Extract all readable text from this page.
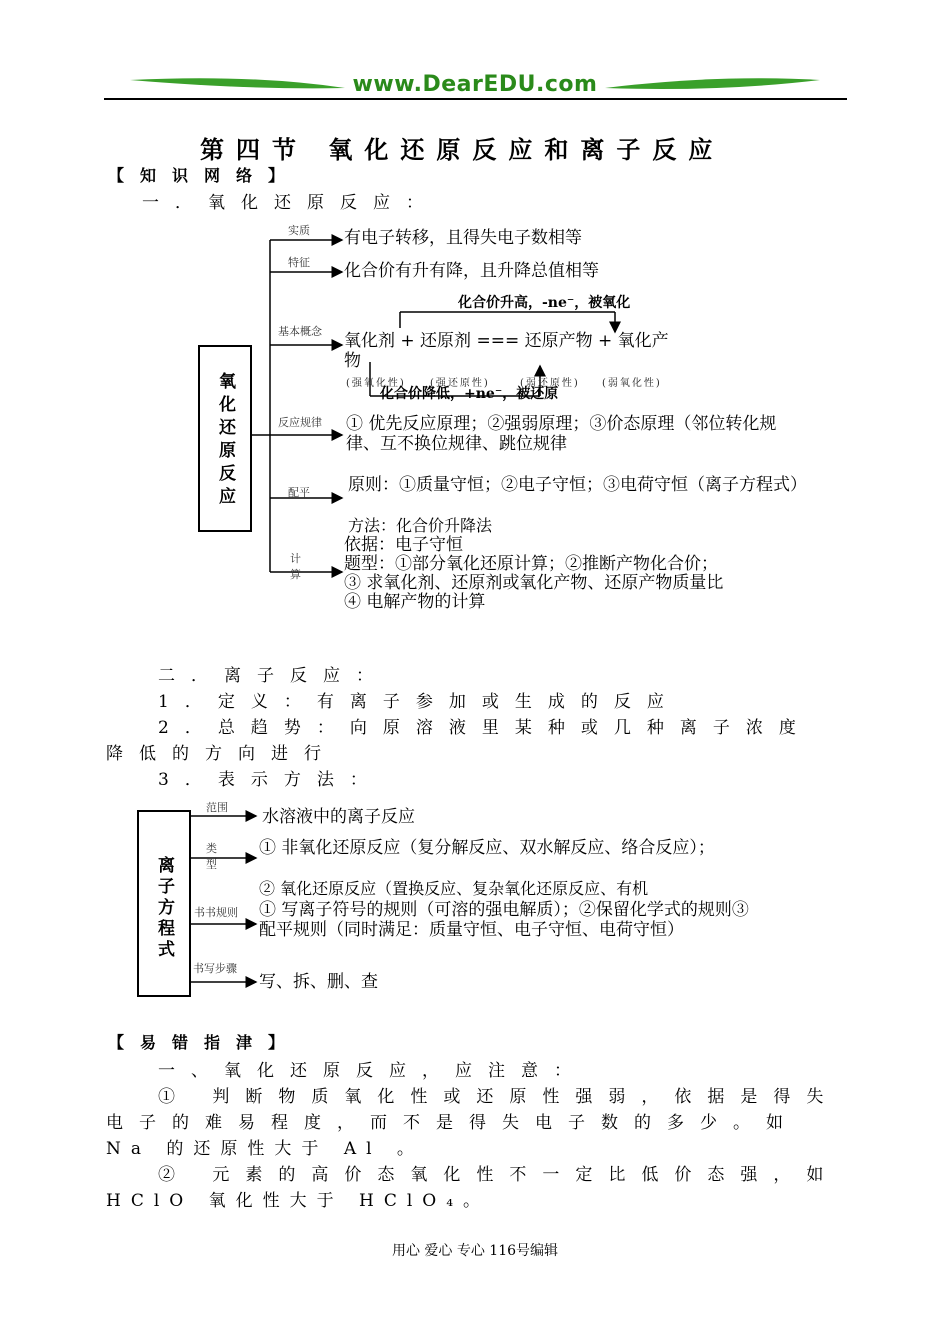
www.DearEDU.com
第四节 氧化还原反应和离子反应
【知识网络】
一．氧化还原反应：
氧化还原反应
实质 有电子转移，且得失电子数相等
特征 化合价有升有降，且升降总值相等
化合价升高，-ne⁻，被氧化
基本概念	氧化剂 + 还原剂 === 还原产物 + 氧化产物
(强氧化性) (强还原性)	(弱还原性) (弱氧化性)
化合价降低，+ne⁻，被还原
反应规律	① 优先反应原理；②强弱原理；③价态原理（邻位转化规律、互不换位规律、跳位规律
配平 原则：①质量守恒；②电子守恒；③电荷守恒（离子方程式）
方法：化合价升降法
计算
依据：电子守恒
题型：①部分氧化还原计算；②推断产物化合价；
③ 求氧化剂、还原剂或氧化产物、还原产物质量比
④ 电解产物的计算
二．离子反应：
1．定义：有离子参加或生成的反应
2．总趋势：向原溶液里某种或几种离子浓度
降低的方向进行
3．表示方法：
离子方程式
范围 水溶液中的离子反应
类型
① 非氧化还原反应（复分解反应、双水解反应、络合反应）；
② 氧化还原反应（置换反应、复杂氧化还原反应、有机
书书规则	① 写离子符号的规则（可溶的强电解质）；②保留化学式的规则③配平规则（同时满足：质量守恒、电子守恒、电荷守恒）
书写步骤
写、拆、删、查
【易错指津】
一、氧化还原反应，应注意：
① 判断物质氧化性或还原性强弱，依据是得失
电子的难易程度，而不是得失电子数的多少。如
Na 的还原性大于 Al 。
② 元素的高价态氧化性不一定比低价态强，如
HClO 氧化性大于 HClO₄。
用心 爱心 专心 116号编辑
